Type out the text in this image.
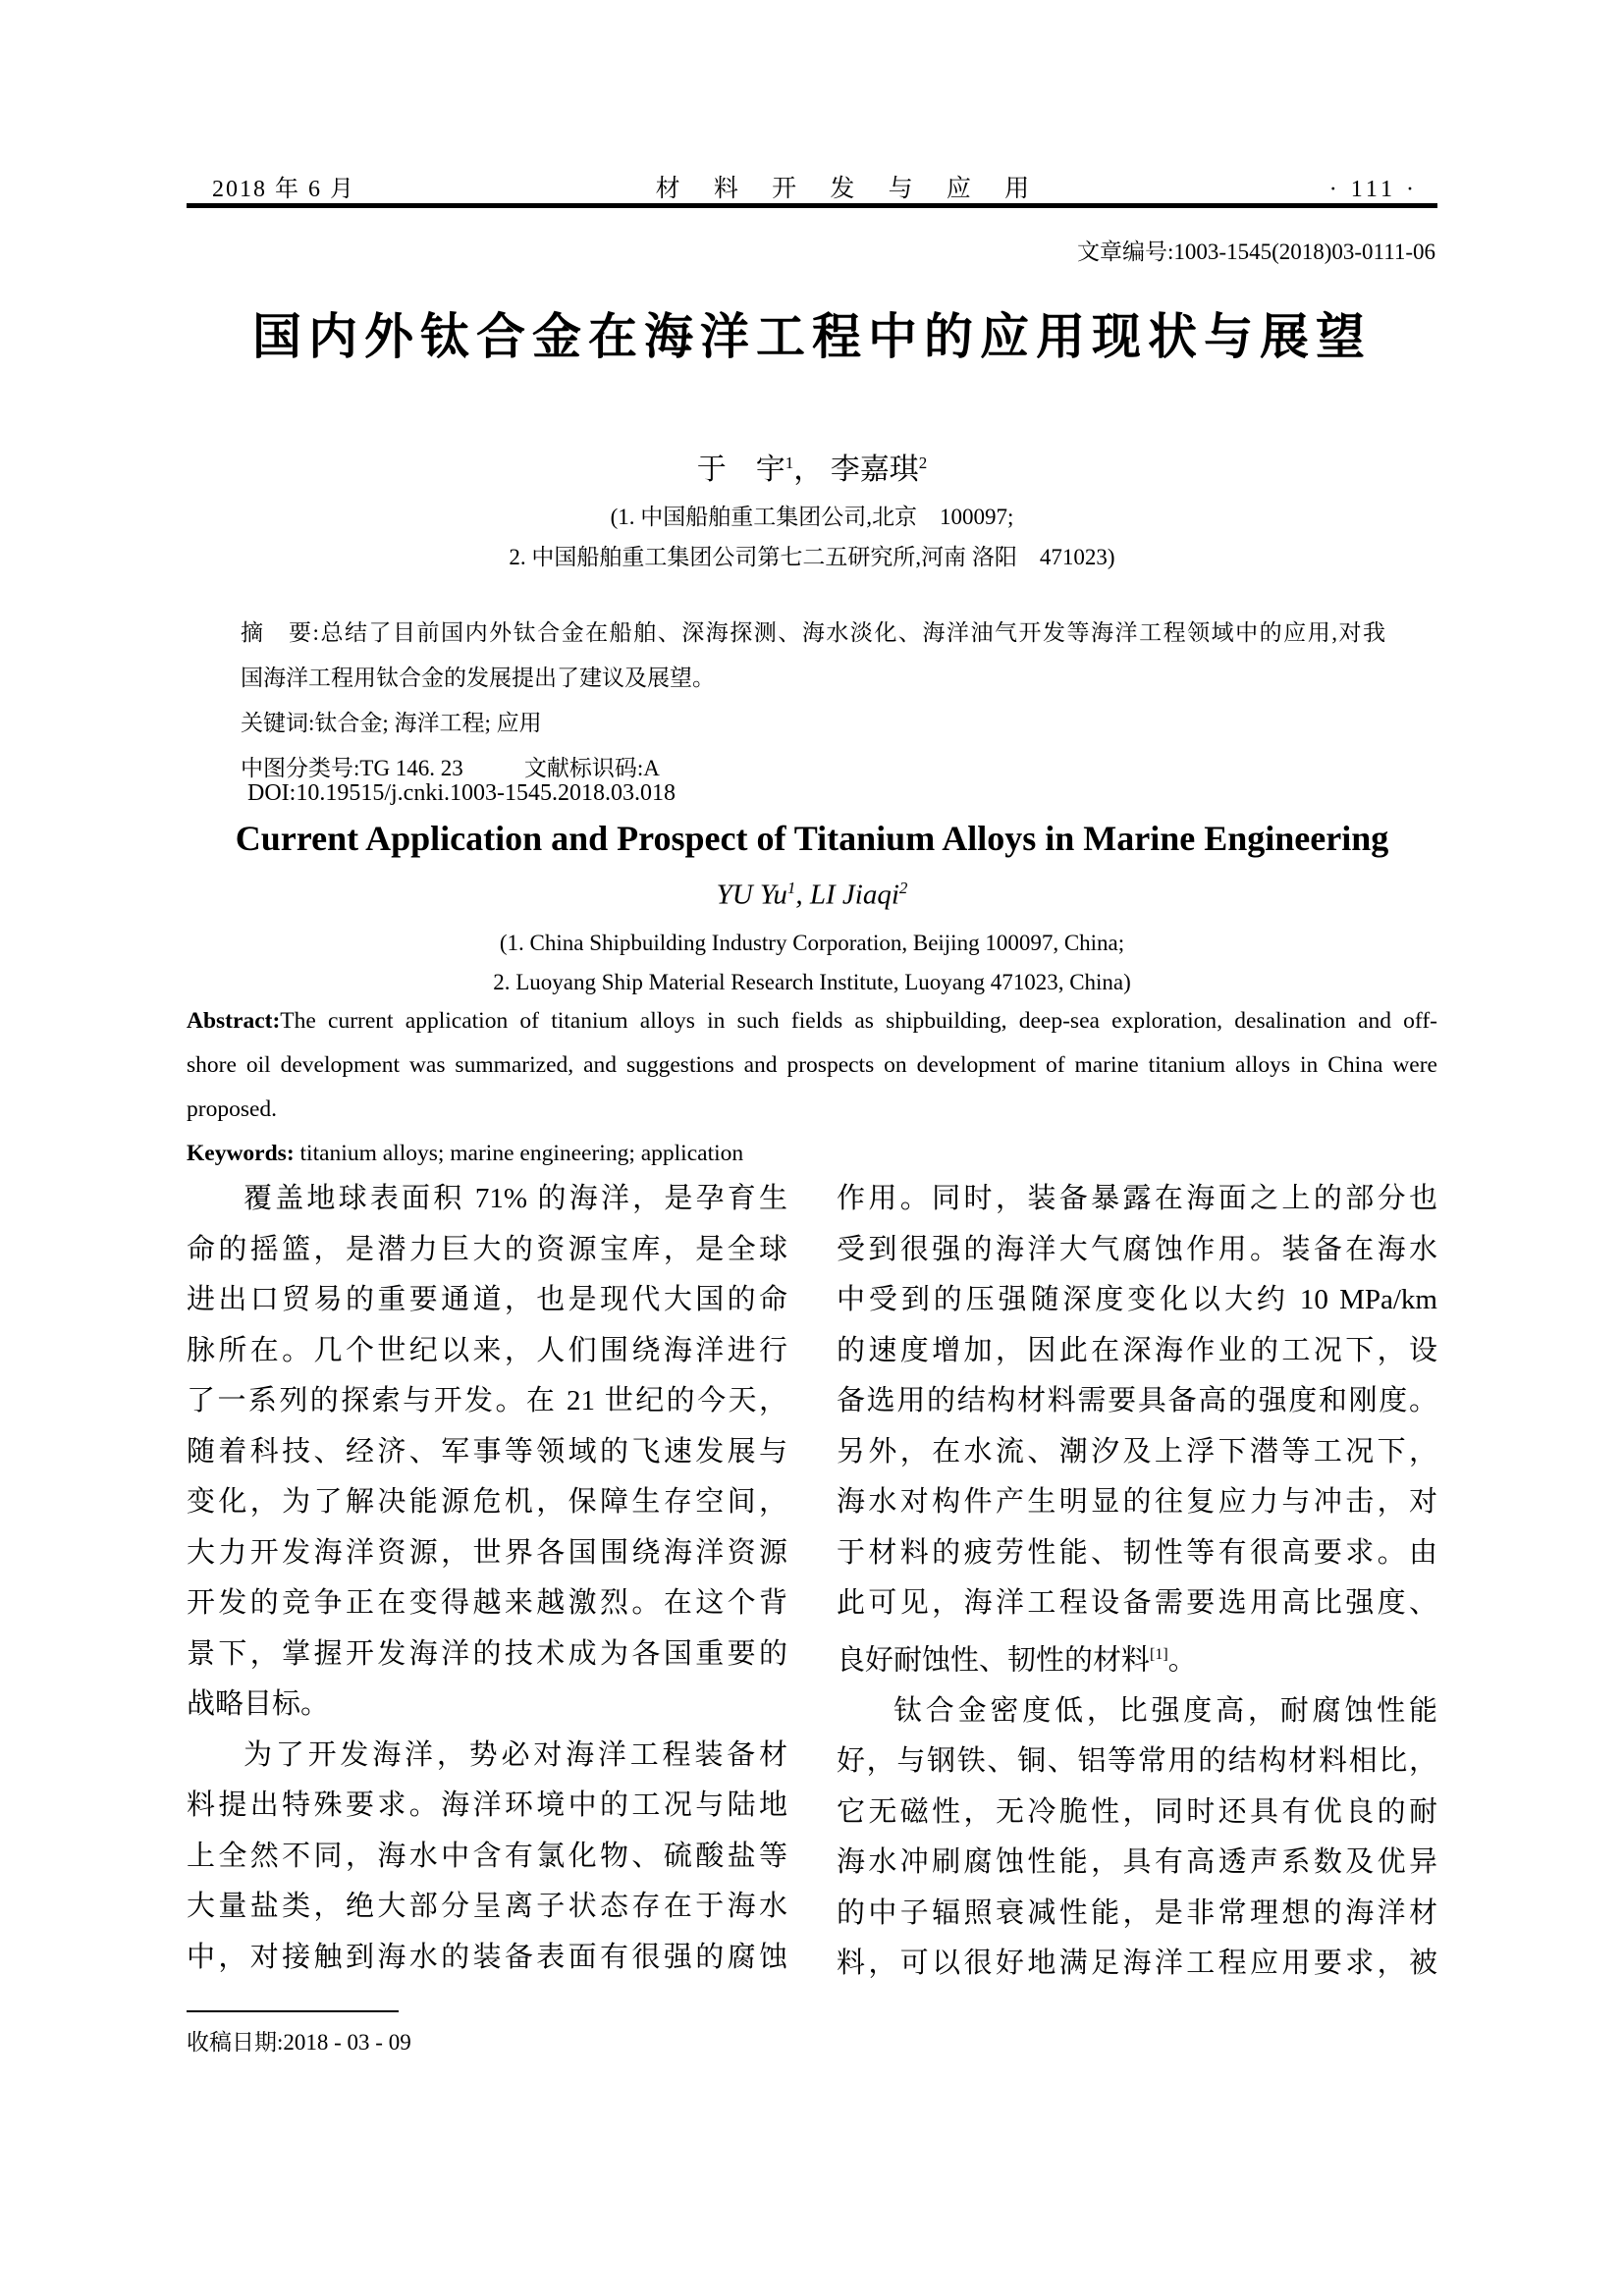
2018 年 6 月	材 料 开 发 与 应 用	· 111 ·
文章编号:1003-1545(2018)03-0111-06
国内外钛合金在海洋工程中的应用现状与展望
于　宇$^1$， 李嘉琪$^2$
(1. 中国船舶重工集团公司,北京　100097;
2. 中国船舶重工集团公司第七二五研究所,河南 洛阳　471023)
摘　要:总结了目前国内外钛合金在船舶、深海探测、海水淡化、海洋油气开发等海洋工程领域中的应用,对我
国海洋工程用钛合金的发展提出了建议及展望。
关键词:钛合金; 海洋工程; 应用
中图分类号:TG 146. 23	文献标识码:A
DOI:10.19515/j.cnki.1003-1545.2018.03.018
Current Application and Prospect of Titanium Alloys in Marine Engineering
YU Yu$^1$, LI Jiaqi$^2$
(1. China Shipbuilding Industry Corporation, Beijing 100097, China;
2. Luoyang Ship Material Research Institute, Luoyang 471023, China)
Abstract:The current application of titanium alloys in such fields as shipbuilding, deep-sea exploration, desalination and off-
shore oil development was summarized, and suggestions and prospects on development of marine titanium alloys in China were
proposed.
Keywords: titanium alloys; marine engineering; application
覆盖地球表面积 71% 的海洋，是孕育生
命的摇篮，是潜力巨大的资源宝库，是全球
进出口贸易的重要通道，也是现代大国的命
脉所在。几个世纪以来，人们围绕海洋进行
了一系列的探索与开发。在 21 世纪的今天，
随着科技、经济、军事等领域的飞速发展与
变化，为了解决能源危机，保障生存空间，
大力开发海洋资源，世界各国围绕海洋资源
开发的竞争正在变得越来越激烈。在这个背
景下，掌握开发海洋的技术成为各国重要的
战略目标。
为了开发海洋，势必对海洋工程装备材
料提出特殊要求。海洋环境中的工况与陆地
上全然不同，海水中含有氯化物、硫酸盐等
大量盐类，绝大部分呈离子状态存在于海水
中，对接触到海水的装备表面有很强的腐蚀
作用。同时，装备暴露在海面之上的部分也
受到很强的海洋大气腐蚀作用。装备在海水
中受到的压强随深度变化以大约 10 MPa/km
的速度增加，因此在深海作业的工况下，设
备选用的结构材料需要具备高的强度和刚度。
另外，在水流、潮汐及上浮下潜等工况下，
海水对构件产生明显的往复应力与冲击，对
于材料的疲劳性能、韧性等有很高要求。由
此可见，海洋工程设备需要选用高比强度、
良好耐蚀性、韧性的材料[1]。
钛合金密度低，比强度高，耐腐蚀性能
好，与钢铁、铜、铝等常用的结构材料相比，
它无磁性，无冷脆性，同时还具有优良的耐
海水冲刷腐蚀性能，具有高透声系数及优异
的中子辐照衰减性能，是非常理想的海洋材
料，可以很好地满足海洋工程应用要求，被
收稿日期:2018 - 03 - 09
